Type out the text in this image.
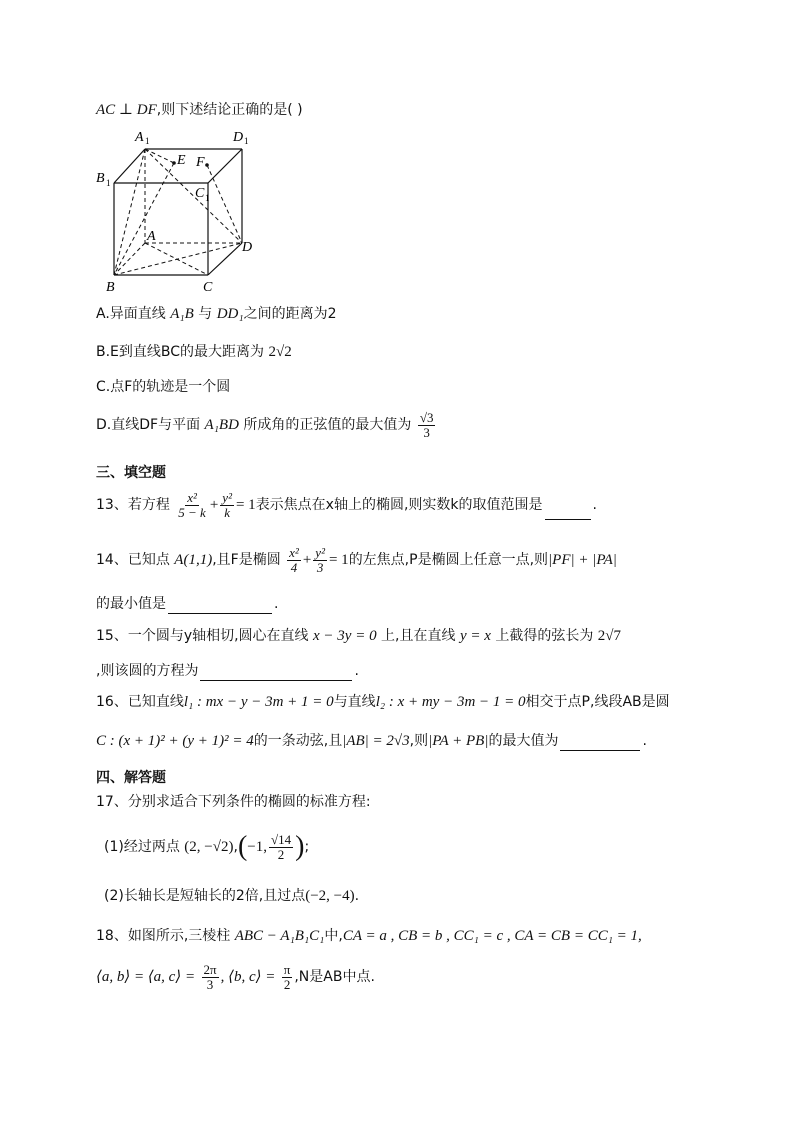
AC ⊥ DF,则下述结论正确的是( )
A 1	D 1
B 1
C 1
E F
A
D
B	C
A.异面直线 A₁B 与 DD₁之间的距离为2
B.E到直线BC的最大距离为 2√2
C.点F的轨迹是一个圆
D.直线DF与平面 A₁BD 所成角的正弦值的最大值为 $\frac{√3}{3}$
三、填空题
13、若方程 $\frac{\text{x²}}{5 - k} + \frac{\text{y²}}{k} = 1$表示焦点在x轴上的椭圆,则实数k的取值范围是	.
14、已知点 A(1,1),且F是椭圆 $\frac{\text{x²}}{4} + \frac{\text{y²}}{3} = 1$的左焦点,P是椭圆上任意一点,则|PF| + |PA|
的最小值是	.
15、一个圆与y轴相切,圆心在直线 x − 3y = 0 上,且在直线 y = x 上截得的弦长为 2√7
,则该圆的方程为	.
16、已知直线l₁ : mx − y − 3m + 1 = 0与直线l₂ : x + my − 3m − 1 = 0相交于点P,线段AB是圆
C : (x + 1)² + (y + 1)² = 4的一条动弦,且|AB| = 2√3,则|PA + PB|的最大值为	.
四、解答题
17、分别求适合下列条件的椭圆的标准方程:
(1)经过两点 (2, −√2),(−1, $\frac{√14}{2}$ );
(2)长轴长是短轴长的2倍,且过点(−2, −4).
18、如图所示,三棱柱 ABC − A₁B₁C₁中,CA = a , CB = b , CC₁ = c , CA = CB = CC₁ = 1,
⟨a, b⟩ = ⟨a, c⟩ = $\frac{2\pi}{3}$ , ⟨b, c⟩ = $\frac{\pi}{2} ,N$是AB中点.
